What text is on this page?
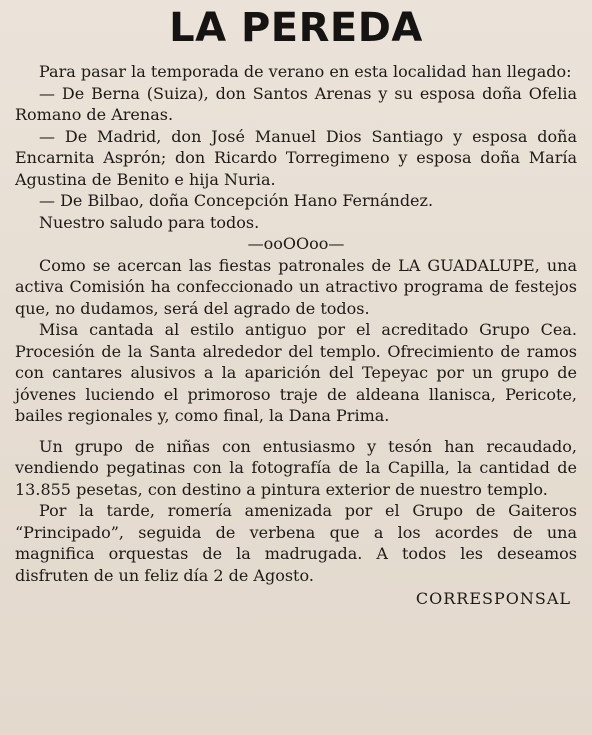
LA PEREDA

Para pasar la temporada de verano en esta localidad han llegado:

— De Berna (Suiza), don Santos Arenas y su esposa doña Ofelia Romano de Arenas.

— De Madrid, don José Manuel Dios Santiago y esposa doña Encarnita Asprón; don Ricardo Torregimeno y esposa doña María Agustina de Benito e hija Nuria.

— De Bilbao, doña Concepción Hano Fernández.

Nuestro saludo para todos.

—ooOOoo—

Como se acercan las fiestas patronales de LA GUADALUPE, una activa Comisión ha confeccionado un atractivo programa de festejos que, no dudamos, será del agrado de todos.

Misa cantada al estilo antiguo por el acreditado Grupo Cea. Procesión de la Santa alrededor del templo. Ofrecimiento de ramos con cantares alusivos a la aparición del Tepeyac por un grupo de jóvenes luciendo el primoroso traje de aldeana llanisca, Pericote, bailes regionales y, como final, la Dana Prima.

Un grupo de niñas con entusiasmo y tesón han recaudado, vendiendo pegatinas con la fotografía de la Capilla, la cantidad de 13.855 pesetas, con destino a pintura exterior de nuestro templo.

Por la tarde, romería amenizada por el Grupo de Gaiteros “Principado”, seguida de verbena que a los acordes de una magnifica orquestas de la madrugada. A todos les deseamos disfruten de un feliz día 2 de Agosto.

CORRESPONSAL
